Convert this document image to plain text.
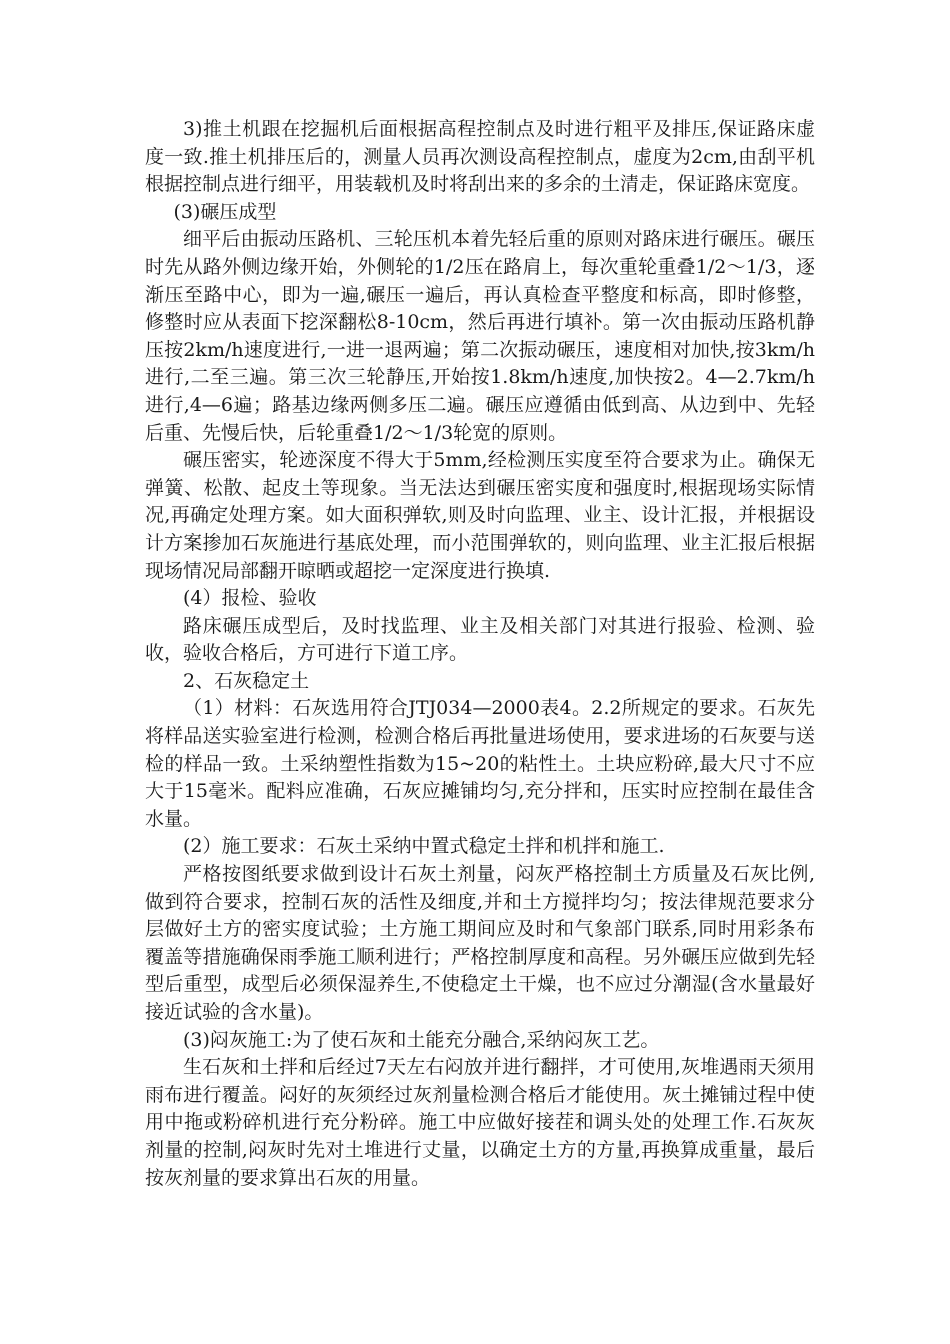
3)推土机跟在挖掘机后面根据高程控制点及时进行粗平及排压,保证路床虚度一致.推土机排压后的，测量人员再次测设高程控制点，虚度为2cm,由刮平机根据控制点进行细平，用装载机及时将刮出来的多余的土清走，保证路床宽度。

(3)碾压成型

细平后由振动压路机、三轮压机本着先轻后重的原则对路床进行碾压。碾压时先从路外侧边缘开始，外侧轮的1/2压在路肩上，每次重轮重叠1/2～1/3，逐渐压至路中心，即为一遍,碾压一遍后，再认真检查平整度和标高，即时修整，修整时应从表面下挖深翻松8-10cm，然后再进行填补。第一次由振动压路机静压按2km/h速度进行,一进一退两遍；第二次振动碾压，速度相对加快,按3km/h进行,二至三遍。第三次三轮静压,开始按1.8km/h速度,加快按2。4—2.7km/h进行,4—6遍；路基边缘两侧多压二遍。碾压应遵循由低到高、从边到中、先轻后重、先慢后快，后轮重叠1/2～1/3轮宽的原则。

碾压密实，轮迹深度不得大于5mm,经检测压实度至符合要求为止。确保无弹簧、松散、起皮土等现象。当无法达到碾压密实度和强度时,根据现场实际情况,再确定处理方案。如大面积弹软,则及时向监理、业主、设计汇报，并根据设计方案掺加石灰施进行基底处理，而小范围弹软的，则向监理、业主汇报后根据现场情况局部翻开晾晒或超挖一定深度进行换填.

(4）报检、验收

路床碾压成型后，及时找监理、业主及相关部门对其进行报验、检测、验收，验收合格后，方可进行下道工序。

2、石灰稳定土

（1）材料：石灰选用符合JTJ034—2000表4。2.2所规定的要求。石灰先将样品送实验室进行检测，检测合格后再批量进场使用，要求进场的石灰要与送检的样品一致。土采纳塑性指数为15~20的粘性土。土块应粉碎,最大尺寸不应大于15毫米。配料应准确，石灰应摊铺均匀,充分拌和，压实时应控制在最佳含水量。

(2）施工要求：石灰土采纳中置式稳定土拌和机拌和施工.

严格按图纸要求做到设计石灰土剂量，闷灰严格控制土方质量及石灰比例,做到符合要求，控制石灰的活性及细度,并和土方搅拌均匀；按法律规范要求分层做好土方的密实度试验；土方施工期间应及时和气象部门联系,同时用彩条布覆盖等措施确保雨季施工顺利进行；严格控制厚度和高程。另外碾压应做到先轻型后重型，成型后必须保湿养生,不使稳定土干燥，也不应过分潮湿(含水量最好接近试验的含水量)。

(3)闷灰施工:为了使石灰和土能充分融合,采纳闷灰工艺。

生石灰和土拌和后经过7天左右闷放并进行翻拌，才可使用,灰堆遇雨天须用雨布进行覆盖。闷好的灰须经过灰剂量检测合格后才能使用。灰土摊铺过程中使用中拖或粉碎机进行充分粉碎。施工中应做好接茬和调头处的处理工作.石灰灰剂量的控制,闷灰时先对土堆进行丈量，以确定土方的方量,再换算成重量，最后按灰剂量的要求算出石灰的用量。
